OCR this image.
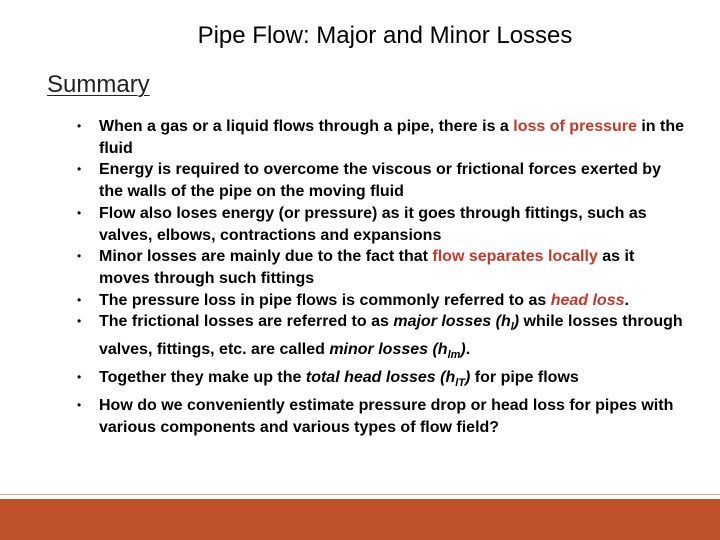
Pipe Flow: Major and Minor Losses
Summary
• When a gas or a liquid flows through a pipe, there is a loss of pressure in the fluid
• Energy is required to overcome the viscous or frictional forces exerted by the walls of the pipe on the moving fluid
• Flow also loses energy (or pressure) as it goes through fittings, such as valves, elbows, contractions and expansions
• Minor losses are mainly due to the fact that flow separates locally as it moves through such fittings
• The pressure loss in pipe flows is commonly referred to as head loss.
• The frictional losses are referred to as major losses $(h_l)$ while losses through valves, fittings, etc. are called minor losses $(h_{lm})$.
• Together they make up the total head losses $(h_{lT})$ for pipe flows
• How do we conveniently estimate pressure drop or head loss for pipes with various components and various types of flow field?
